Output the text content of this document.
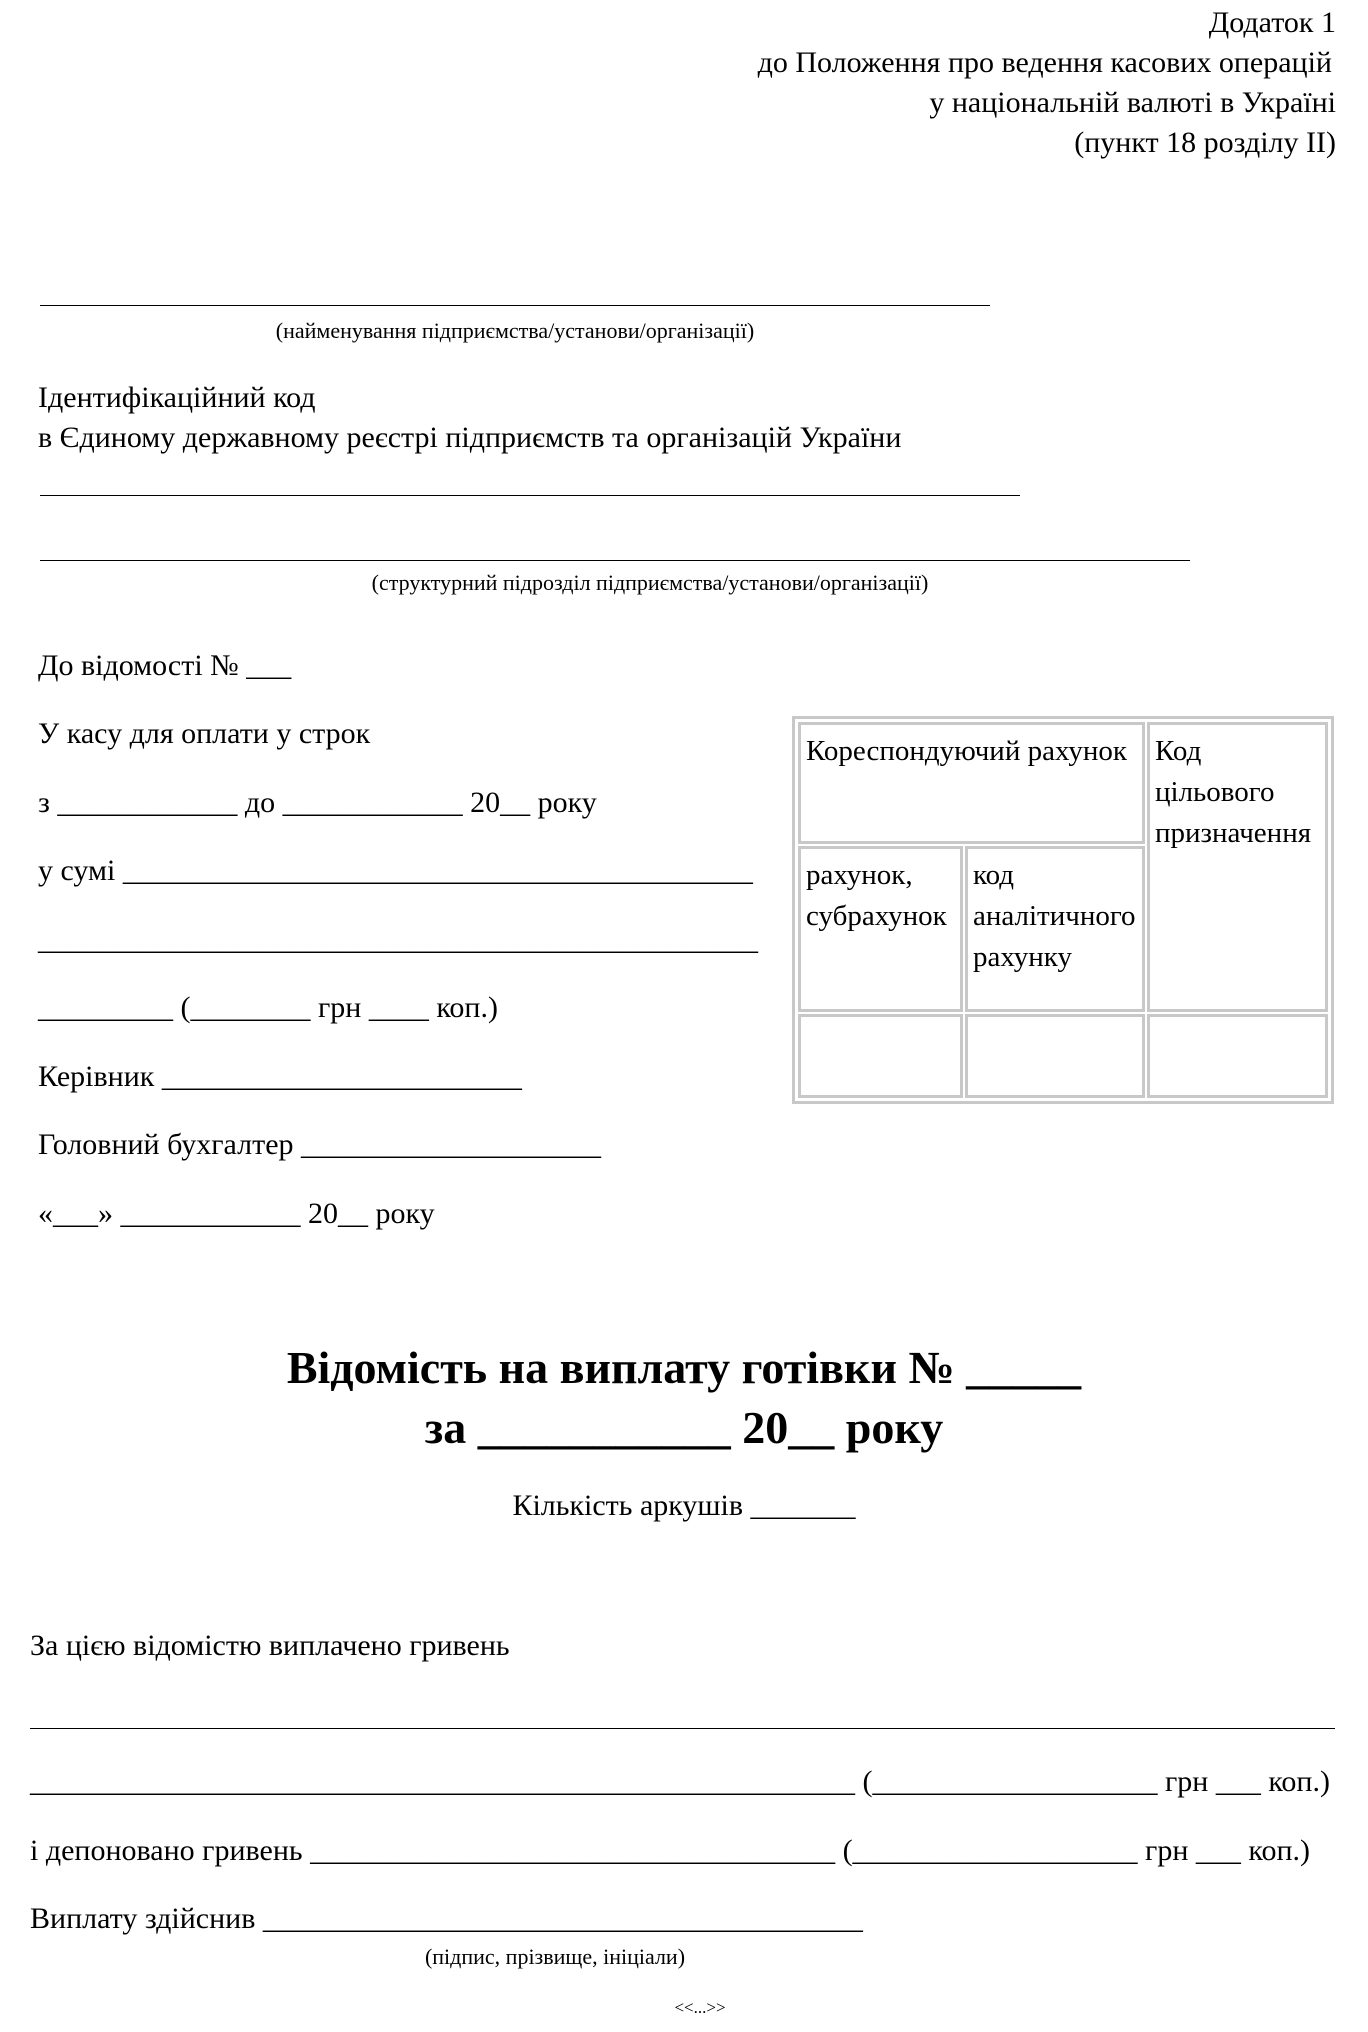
Додаток 1
до Положення про ведення касових операцій
у національній валюті в Україні
(пункт 18 розділу II)
(найменування підприємства/установи/організації)
Ідентифікаційний код
в Єдиному державному реєстрі підприємств та організацій України
(структурний підрозділ підприємства/установи/організації)
До відомості № ___
У касу для оплати у строк
з ____________ до ____________ 20__ року
у сумі __________________________________________
________________________________________________
_________ (________ грн ____ коп.)
Керівник ________________________
Головний бухгалтер ____________________
«___» ____________ 20__ року
Кореспондуючий рахунок Код цільового призначення
рахунок, субрахунок
код аналітичного рахунку
Відомість на виплату готівки № _____
за ___________ 20__ року
Кількість аркушів _______
За цією відомістю виплачено гривень
_______________________________________________________ (___________________ грн ___ коп.)
і депоновано гривень ___________________________________ (___________________ грн ___ коп.)
Виплату здійснив ________________________________________
(підпис, прізвище, ініціали)
<<...>>
